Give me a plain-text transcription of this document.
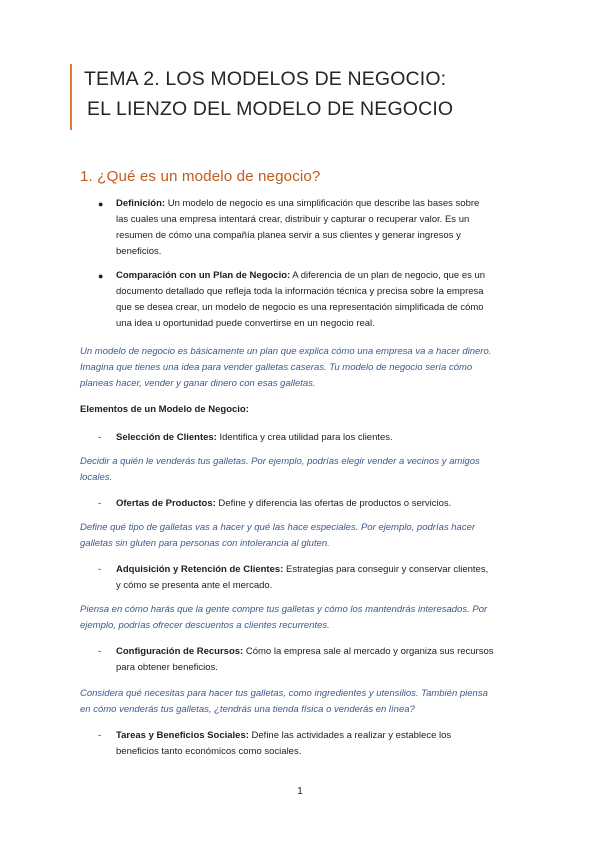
TEMA 2. LOS MODELOS DE NEGOCIO:
EL LIENZO DEL MODELO DE NEGOCIO
1. ¿Qué es un modelo de negocio?
●	Definición: Un modelo de negocio es una simplificación que describe las bases sobre las cuales una empresa intentará crear, distribuir y capturar o recuperar valor. Es un resumen de cómo una compañía planea servir a sus clientes y generar ingresos y beneficios.
●	Comparación con un Plan de Negocio: A diferencia de un plan de negocio, que es un documento detallado que refleja toda la información técnica y precisa sobre la empresa que se desea crear, un modelo de negocio es una representación simplificada de cómo una idea u oportunidad puede convertirse en un negocio real.
Un modelo de negocio es básicamente un plan que explica cómo una empresa va a hacer dinero. Imagina que tienes una idea para vender galletas caseras. Tu modelo de negocio sería cómo planeas hacer, vender y ganar dinero con esas galletas.
Elementos de un Modelo de Negocio:
-	Selección de Clientes: Identifica y crea utilidad para los clientes.
Decidir a quién le venderás tus galletas. Por ejemplo, podrías elegir vender a vecinos y amigos locales.
-	Ofertas de Productos: Define y diferencia las ofertas de productos o servicios.
Define qué tipo de galletas vas a hacer y qué las hace especiales. Por ejemplo, podrías hacer galletas sin gluten para personas con intolerancia al gluten.
-	Adquisición y Retención de Clientes: Estrategias para conseguir y conservar clientes, y cómo se presenta ante el mercado.
Piensa en cómo harás que la gente compre tus galletas y cómo los mantendrás interesados. Por ejemplo, podrías ofrecer descuentos a clientes recurrentes.
-	Configuración de Recursos: Cómo la empresa sale al mercado y organiza sus recursos para obtener beneficios.
Considera qué necesitas para hacer tus galletas, como ingredientes y utensilios. También piensa en cómo venderás tus galletas, ¿tendrás una tienda física o venderás en línea?
-	Tareas y Beneficios Sociales: Define las actividades a realizar y establece los beneficios tanto económicos como sociales.
1
